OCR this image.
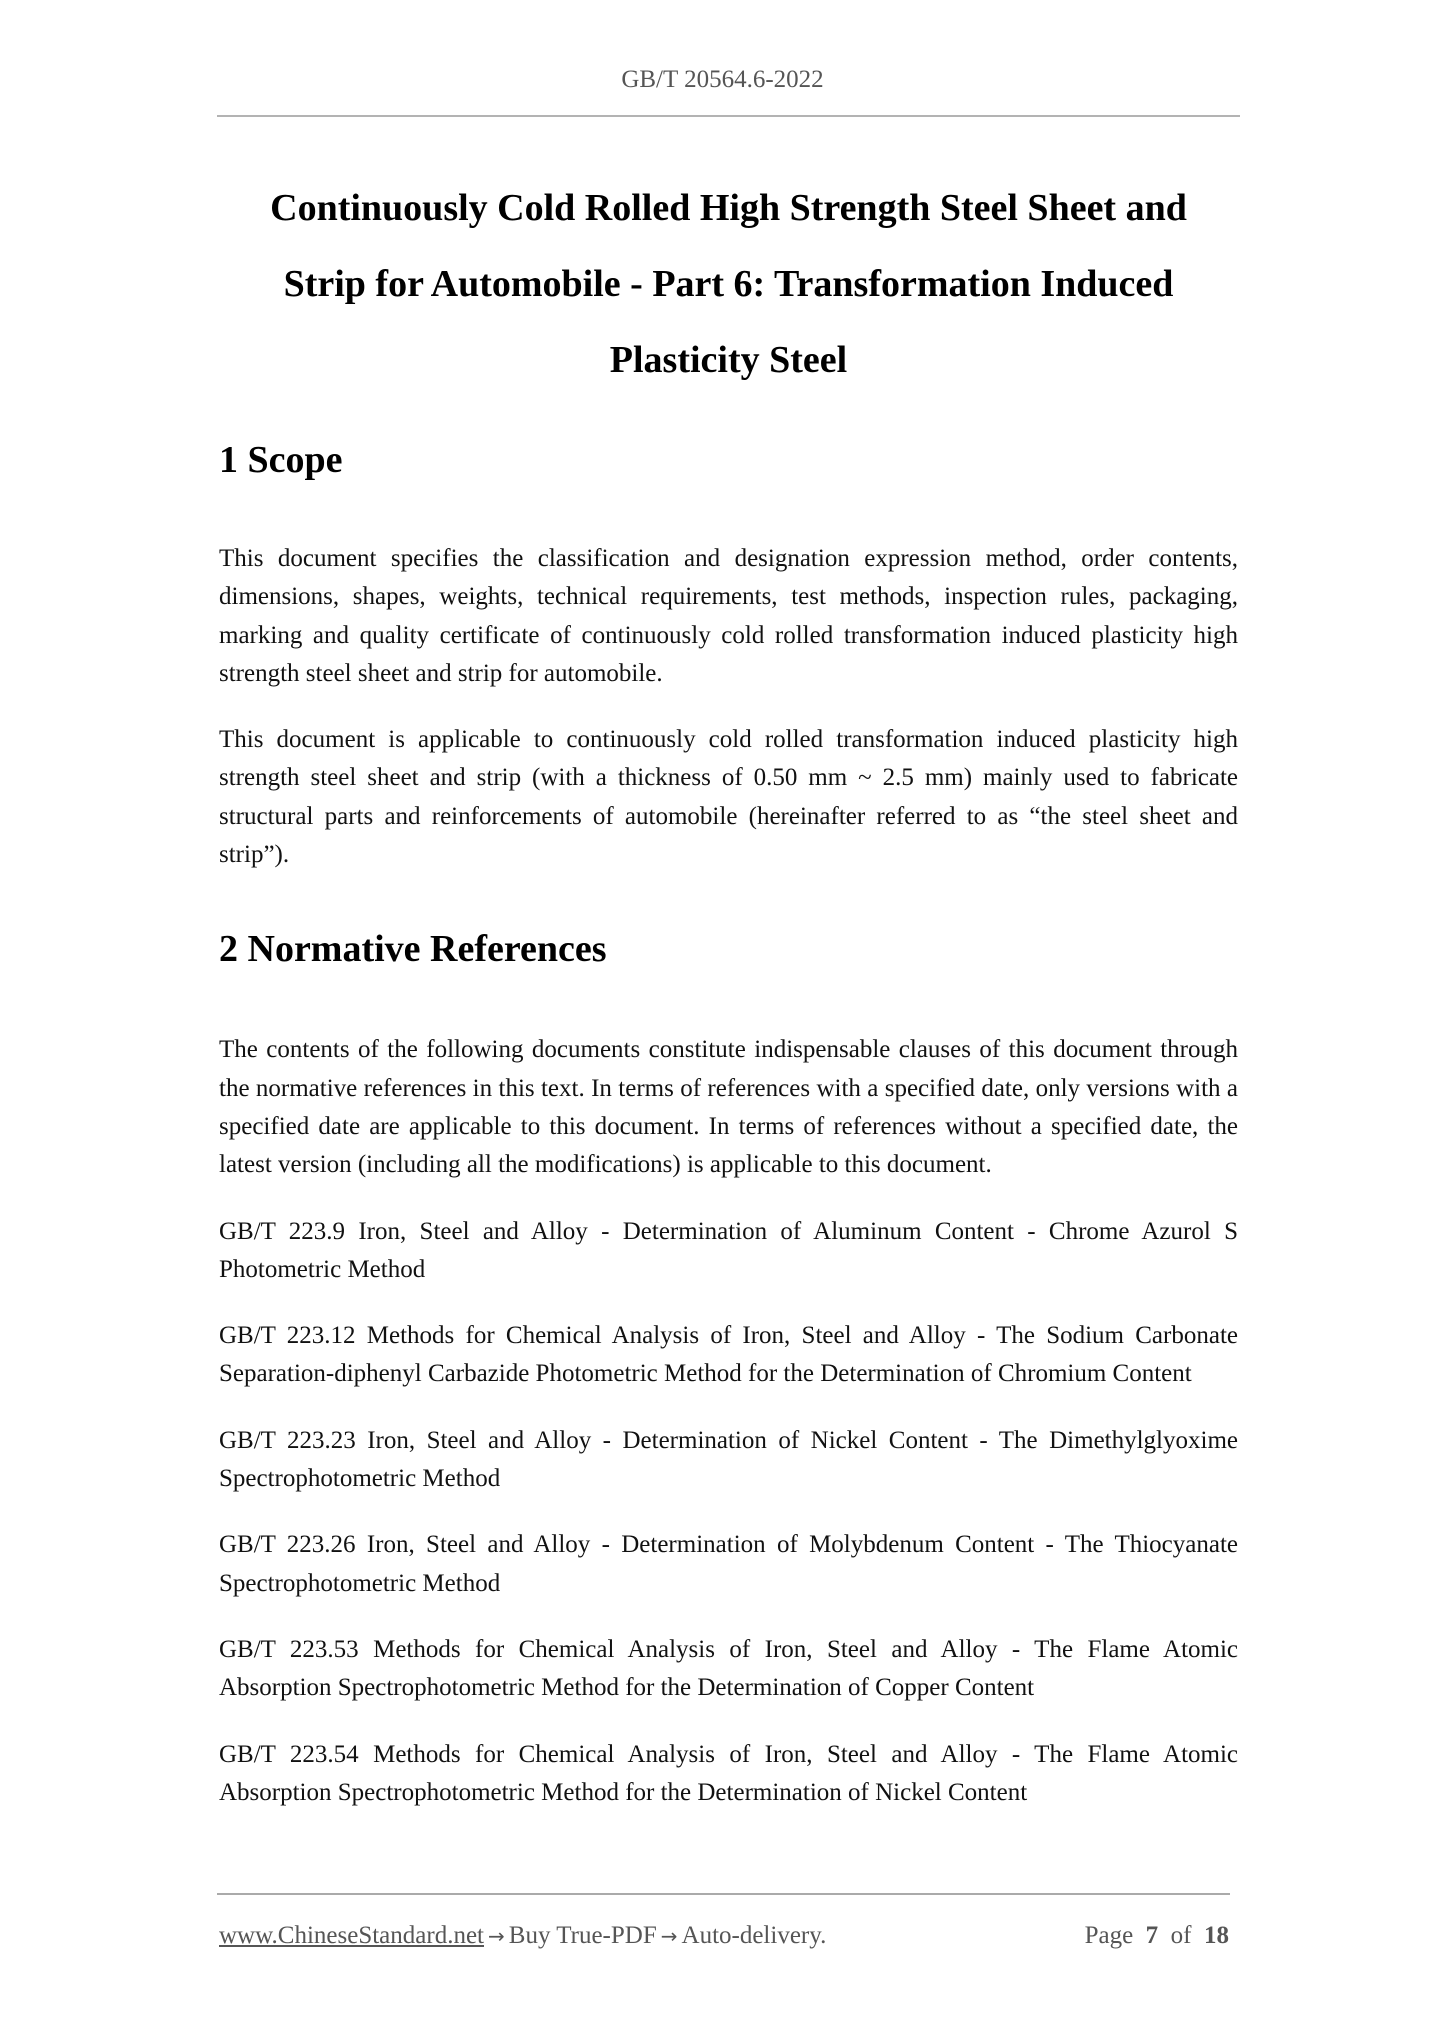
GB/T 20564.6-2022
Continuously Cold Rolled High Strength Steel Sheet and
Strip for Automobile - Part 6: Transformation Induced
Plasticity Steel
1 Scope

This document specifies the classification and designation expression method, order contents, dimensions, shapes, weights, technical requirements, test methods, inspection rules, packaging, marking and quality certificate of continuously cold rolled transformation induced plasticity high strength steel sheet and strip for automobile.

This document is applicable to continuously cold rolled transformation induced plasticity high strength steel sheet and strip (with a thickness of 0.50 mm ~ 2.5 mm) mainly used to fabricate structural parts and reinforcements of automobile (hereinafter referred to as “the steel sheet and strip”).

2 Normative References

The contents of the following documents constitute indispensable clauses of this document through the normative references in this text. In terms of references with a specified date, only versions with a specified date are applicable to this document. In terms of references without a specified date, the latest version (including all the modifications) is applicable to this document.

GB/T 223.9 Iron, Steel and Alloy - Determination of Aluminum Content - Chrome Azurol S Photometric Method

GB/T 223.12 Methods for Chemical Analysis of Iron, Steel and Alloy - The Sodium Carbonate Separation-diphenyl Carbazide Photometric Method for the Determination of Chromium Content

GB/T 223.23 Iron, Steel and Alloy - Determination of Nickel Content - The Dimethylglyoxime Spectrophotometric Method

GB/T 223.26 Iron, Steel and Alloy - Determination of Molybdenum Content - The Thiocyanate Spectrophotometric Method

GB/T 223.53 Methods for Chemical Analysis of Iron, Steel and Alloy - The Flame Atomic Absorption Spectrophotometric Method for the Determination of Copper Content

GB/T 223.54 Methods for Chemical Analysis of Iron, Steel and Alloy - The Flame Atomic Absorption Spectrophotometric Method for the Determination of Nickel Content

www.ChineseStandard.net → Buy True-PDF → Auto-delivery.	Page 7 of 18
